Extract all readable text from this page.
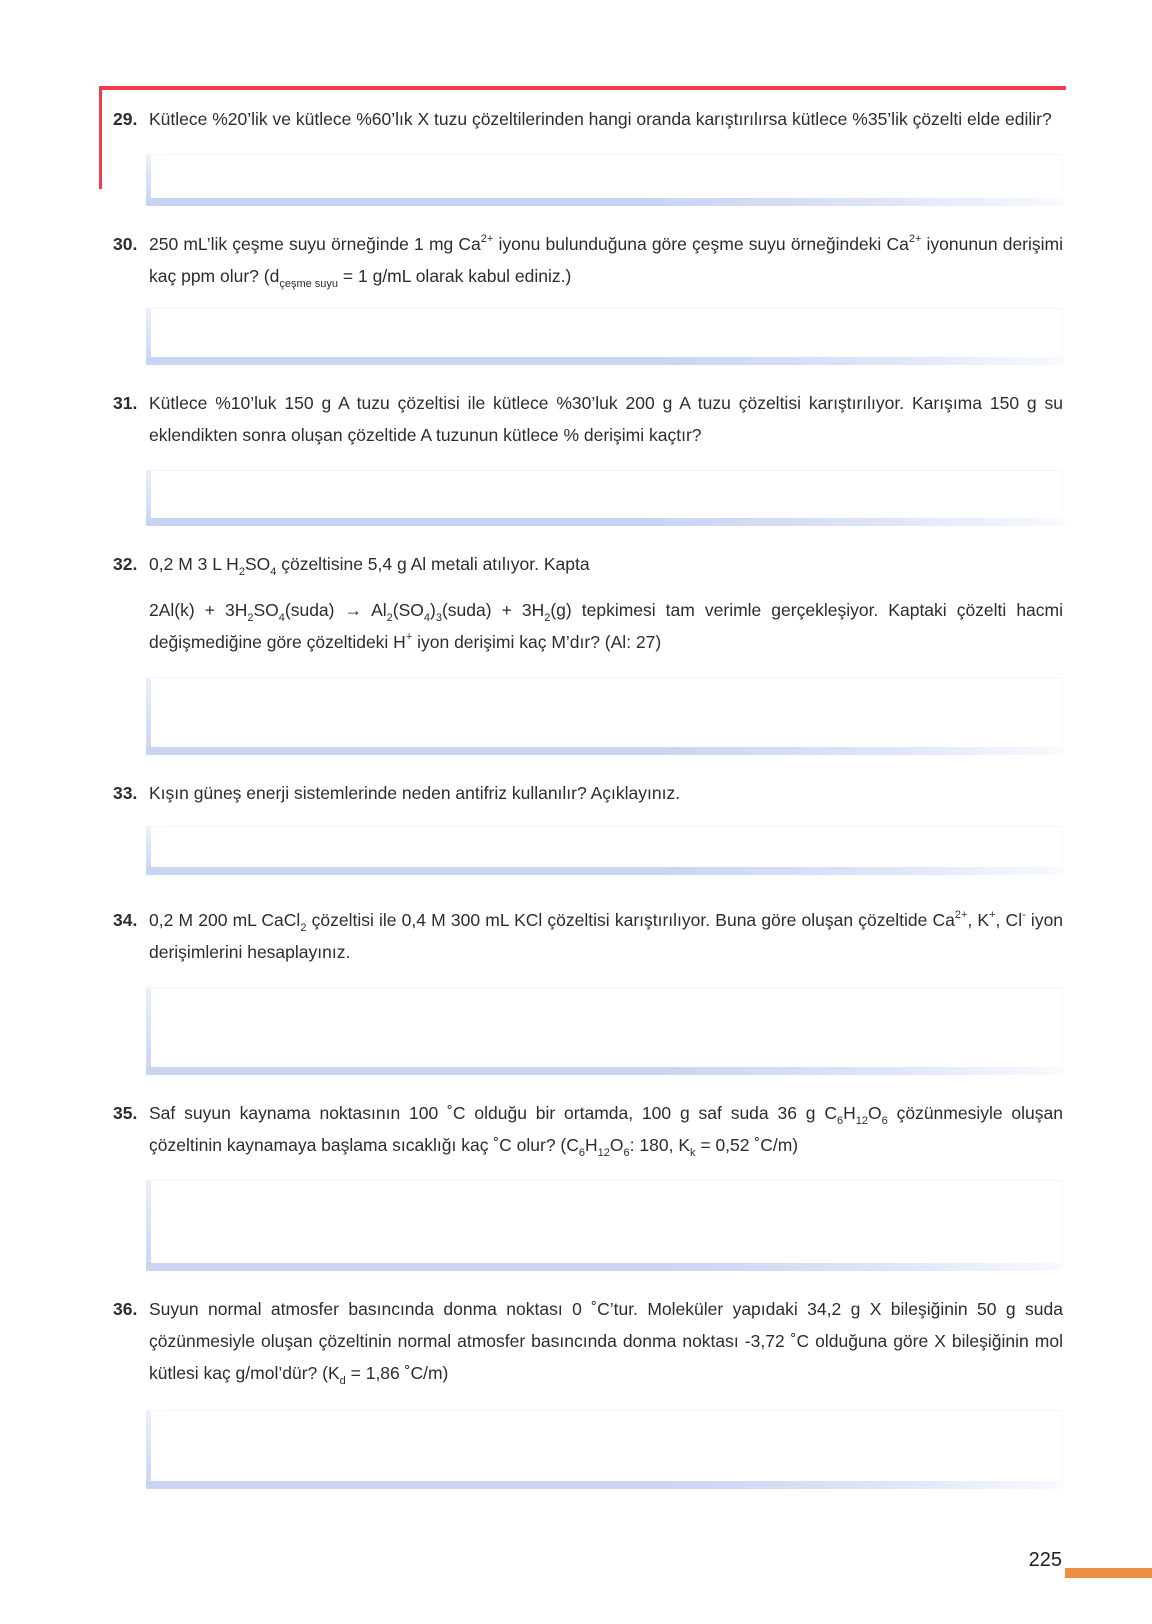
29. Kütlece %20’lik ve kütlece %60’lık X tuzu çözeltilerinden hangi oranda karıştırılırsa kütlece %35’lik çözelti elde edilir?

30. 250 mL’lik çeşme suyu örneğinde 1 mg $Ca^{2+}$ iyonu bulunduğuna göre çeşme suyu örneğindeki $Ca^{2+}$ iyonunun derişimi kaç ppm olur? ($d_{çeşme suyu} = 1$ g/mL olarak kabul ediniz.)

31. Kütlece %10’luk 150 g A tuzu çözeltisi ile kütlece %30’luk 200 g A tuzu çözeltisi karıştırılıyor. Karışıma 150 g su eklendikten sonra oluşan çözeltide A tuzunun kütlece % derişimi kaçtır?

32. 0,2 M 3 L $H_2SO_4$ çözeltisine 5,4 g Al metali atılıyor. Kapta

$2Al(k) + 3H_2SO_4(suda)$ → $Al_2(SO_4)_3(suda) + 3H_2(g)$ tepkimesi tam verimle gerçekleşiyor. Kaptaki çözelti hacmi değişmediğine göre çözeltideki H+ iyon derişimi kaç M’dır? (Al: 27)

33. Kışın güneş enerji sistemlerinde neden antifriz kullanılır? Açıklayınız.

34. 0,2 M 200 mL CaCl$_2$ çözeltisi ile 0,4 M 300 mL KCl çözeltisi karıştırılıyor. Buna göre oluşan çözeltide $Ca^{2+}$, K+, Cl- iyon derişimlerini hesaplayınız.

35. Saf suyun kaynama noktasının 100 ˚C olduğu bir ortamda, 100 g saf suda 36 g $C_6H_{12}O_6$ çözünmesiyle oluşan çözeltinin kaynamaya başlama sıcaklığı kaç ˚C olur? ($C_6H_{12}O_6$: 180, $K_k = 0,52$ ˚C/m)

36. Suyun normal atmosfer basıncında donma noktası 0 ˚C’tur. Moleküler yapıdaki 34,2 g X bileşiğinin 50 g suda çözünmesiyle oluşan çözeltinin normal atmosfer basıncında donma noktası -3,72 ˚C olduğuna göre X bileşiğinin mol kütlesi kaç g/mol’dür? ($K_d = 1,86$ ˚C/m)

225
